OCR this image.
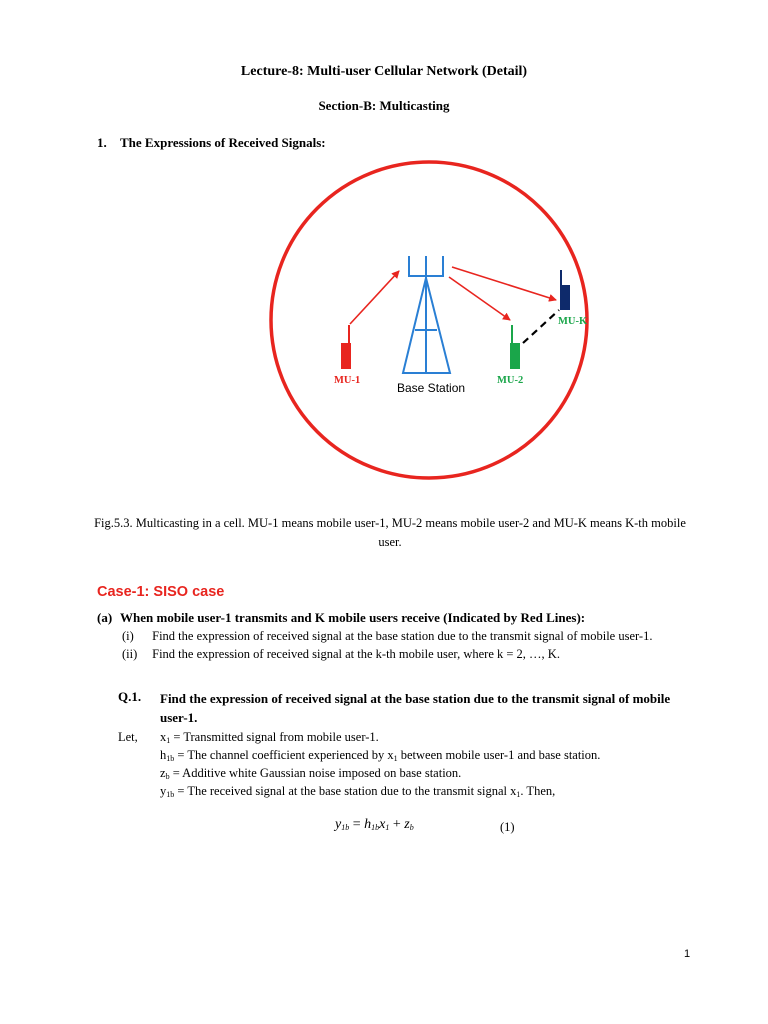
Lecture-8: Multi-user Cellular Network (Detail)
Section-B: Multicasting
1. The Expressions of Received Signals:
MU-1
Base Station
MU-2
MU-K
Fig.5.3. Multicasting in a cell. MU-1 means mobile user-1, MU-2 means mobile user-2 and MU-K means K-th mobile
user.
Case-1: SISO case
(a) When mobile user-1 transmits and K mobile users receive (Indicated by Red Lines):
(i) Find the expression of received signal at the base station due to the transmit signal of mobile user-1.
(ii) Find the expression of received signal at the k-th mobile user, where k = 2, …, K.
Q.1. Find the expression of received signal at the base station due to the transmit signal of mobile
user-1.
Let, $x_1$ = Transmitted signal from mobile user-1.
$h_{1b}$ = The channel coefficient experienced by $x_1$ between mobile user-1 and base station.
$z_b$ = Additive white Gaussian noise imposed on base station.
$y_{1b}$ = The received signal at the base station due to the transmit signal $x_1$. Then,
$y_{1b} = h_{1b}x_1 + z_b$	(1)
1
